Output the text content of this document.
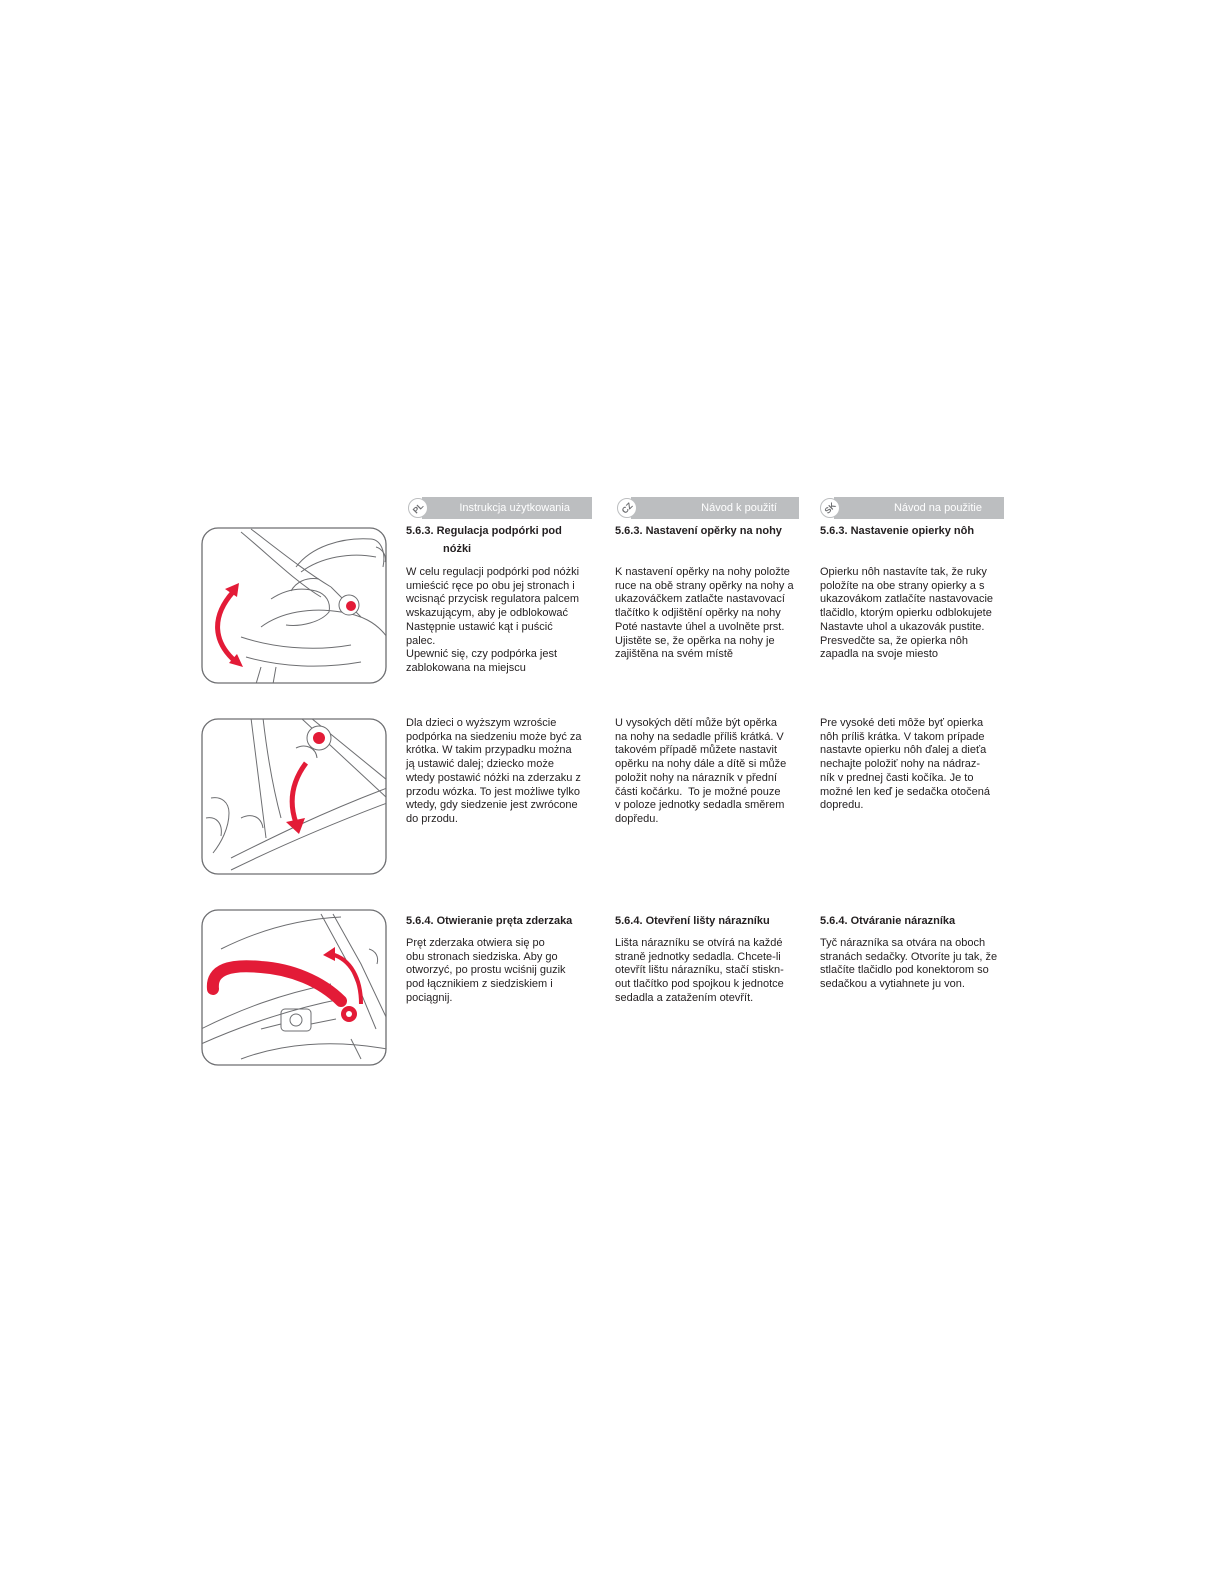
PL	Instrukcja użytkowania	CZ	Návod k použití	SK	Návod na použitie
5.6.3. Regulacja podpórki pod
nóżki
W celu regulacji podpórki pod nóżki
umieścić ręce po obu jej stronach i
wcisnąć przycisk regulatora palcem
wskazującym, aby je odblokować
Następnie ustawić kąt i puścić
palec.
Upewnić się, czy podpórka jest
zablokowana na miejscu
Dla dzieci o wyższym wzroście
podpórka na siedzeniu może być za
krótka. W takim przypadku można
ją ustawić dalej; dziecko może
wtedy postawić nóżki na zderzaku z
przodu wózka. To jest możliwe tylko
wtedy, gdy siedzenie jest zwrócone
do przodu.
5.6.4. Otwieranie pręta zderzaka
Pręt zderzaka otwiera się po
obu stronach siedziska. Aby go
otworzyć, po prostu wciśnij guzik
pod łącznikiem z siedziskiem i
pociągnij.
5.6.3. Nastavení opěrky na nohy
K nastavení opěrky na nohy položte
ruce na obě strany opěrky na nohy a
ukazováčkem zatlačte nastavovací
tlačítko k odjištění opěrky na nohy
Poté nastavte úhel a uvolněte prst.
Ujistěte se, že opěrka na nohy je
zajištěna na svém místě
U vysokých dětí může být opěrka
na nohy na sedadle příliš krátká. V
takovém případě můžete nastavit
opěrku na nohy dále a dítě si může
položit nohy na nárazník v přední
části kočárku.  To je možné pouze
v poloze jednotky sedadla směrem
dopředu.
5.6.4. Otevření lišty nárazníku
Lišta nárazníku se otvírá na každé
straně jednotky sedadla. Chcete-li
otevřít lištu nárazníku, stačí stiskn-
out tlačítko pod spojkou k jednotce
sedadla a zatažením otevřít.
5.6.3. Nastavenie opierky nôh
Opierku nôh nastavíte tak, že ruky
položíte na obe strany opierky a s
ukazovákom zatlačíte nastavovacie
tlačidlo, ktorým opierku odblokujete
Nastavte uhol a ukazovák pustite.
Presvedčte sa, že opierka nôh
zapadla na svoje miesto
Pre vysoké deti môže byť opierka
nôh príliš krátka. V takom prípade
nastavte opierku nôh ďalej a dieťa
nechajte položiť nohy na nádraz-
ník v prednej časti kočíka. Je to
možné len keď je sedačka otočená
dopredu.
5.6.4. Otváranie nárazníka
Tyč nárazníka sa otvára na oboch
stranách sedačky. Otvoríte ju tak, že
stlačíte tlačidlo pod konektorom so
sedačkou a vytiahnete ju von.
